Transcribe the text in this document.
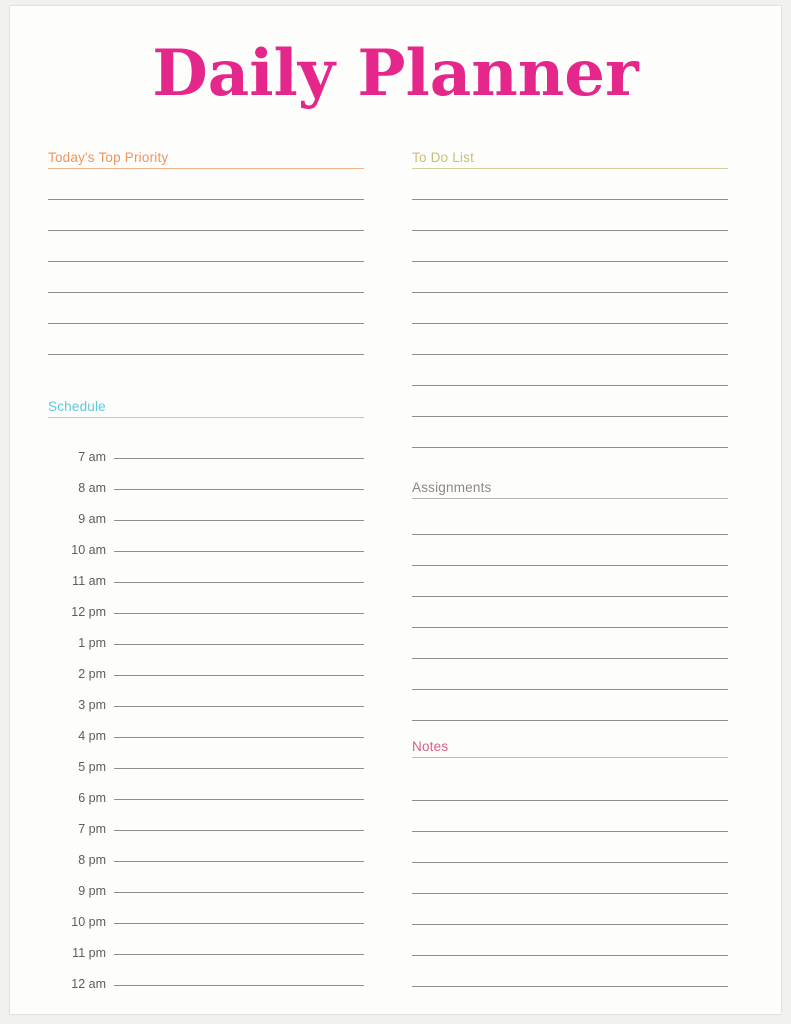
Daily Planner
Today's Top Priority
Schedule
7 am
8 am
9 am
10 am
11 am
12 pm
1 pm
2 pm
3 pm
4 pm
5 pm
6 pm
7 pm
8 pm
9 pm
10 pm
11 pm
12 am
To Do List
Assignments
Notes
